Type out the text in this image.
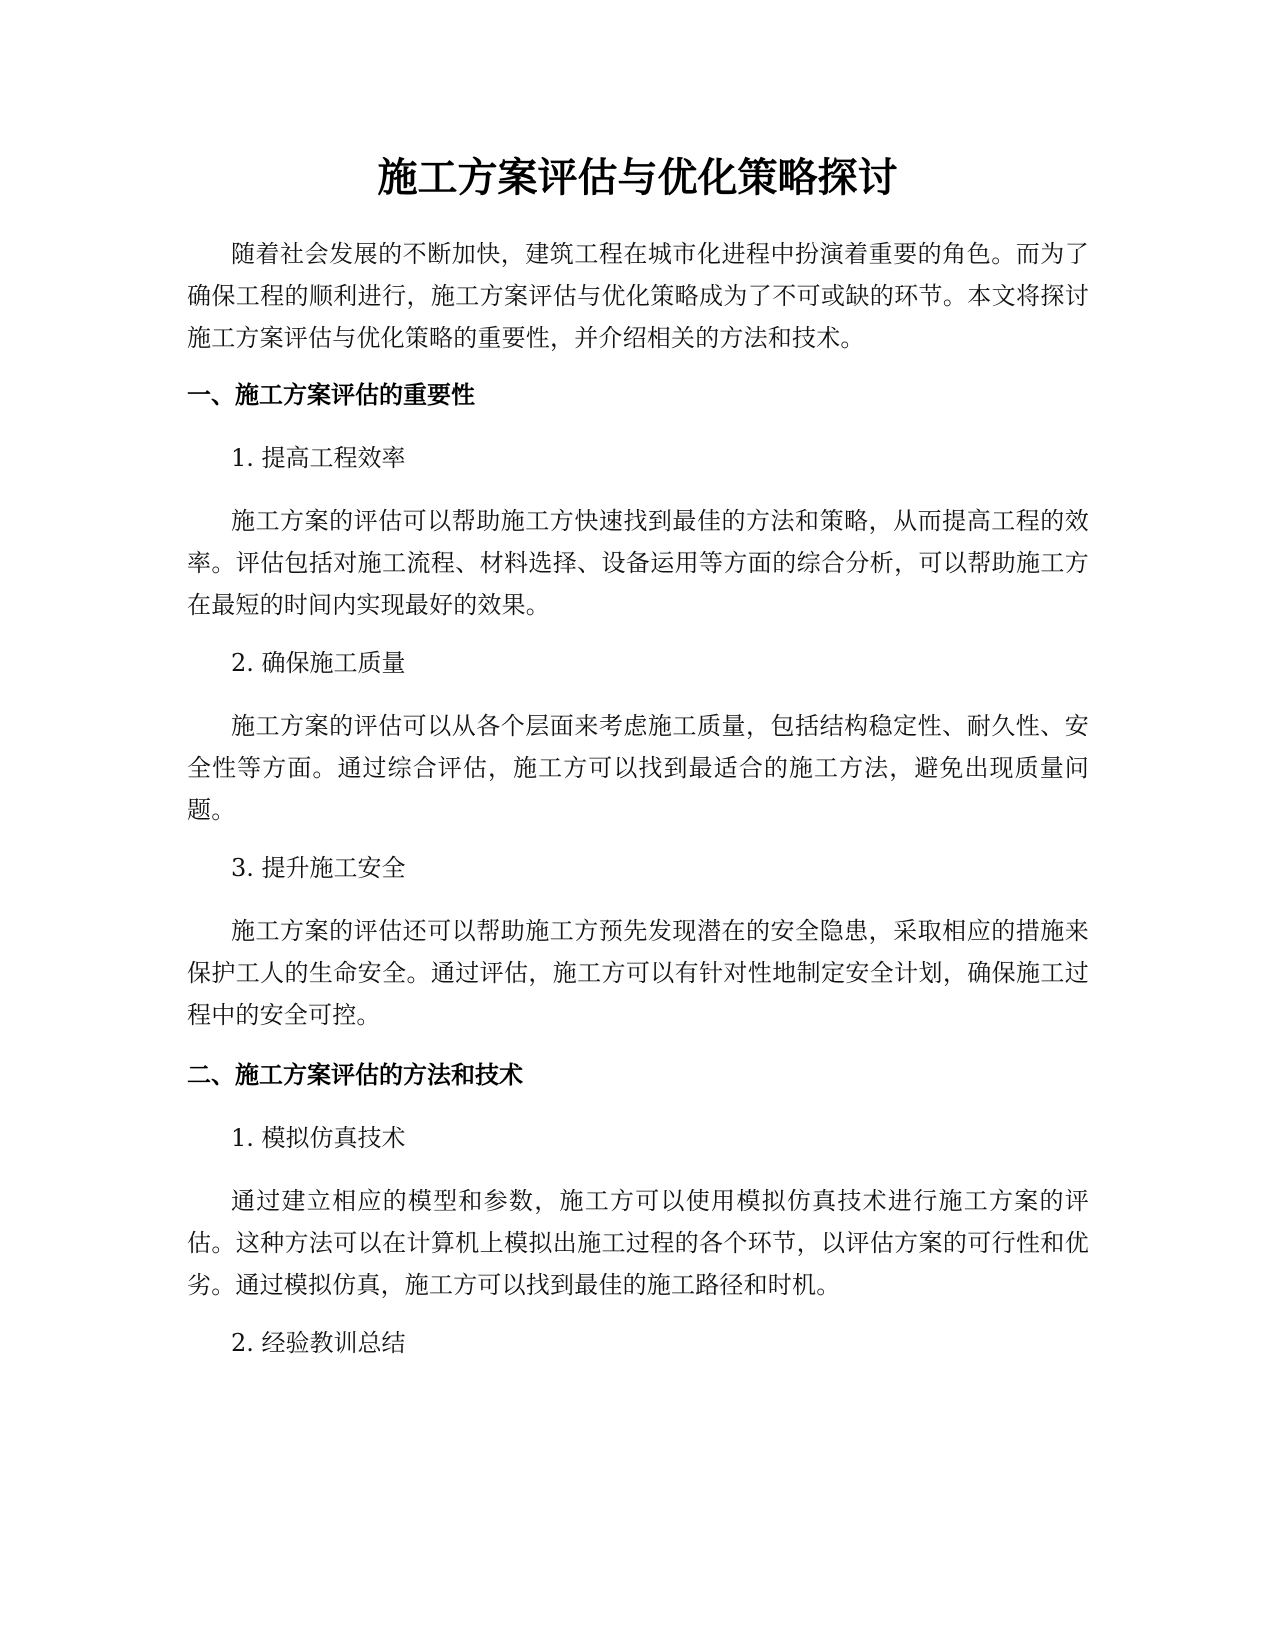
施工方案评估与优化策略探讨

随着社会发展的不断加快，建筑工程在城市化进程中扮演着重要的角色。而为了确保工程的顺利进行，施工方案评估与优化策略成为了不可或缺的环节。本文将探讨施工方案评估与优化策略的重要性，并介绍相关的方法和技术。

一、施工方案评估的重要性

1. 提高工程效率

施工方案的评估可以帮助施工方快速找到最佳的方法和策略，从而提高工程的效率。评估包括对施工流程、材料选择、设备运用等方面的综合分析，可以帮助施工方在最短的时间内实现最好的效果。

2. 确保施工质量

施工方案的评估可以从各个层面来考虑施工质量，包括结构稳定性、耐久性、安全性等方面。通过综合评估，施工方可以找到最适合的施工方法，避免出现质量问题。

3. 提升施工安全

施工方案的评估还可以帮助施工方预先发现潜在的安全隐患，采取相应的措施来保护工人的生命安全。通过评估，施工方可以有针对性地制定安全计划，确保施工过程中的安全可控。

二、施工方案评估的方法和技术

1. 模拟仿真技术

通过建立相应的模型和参数，施工方可以使用模拟仿真技术进行施工方案的评估。这种方法可以在计算机上模拟出施工过程的各个环节，以评估方案的可行性和优劣。通过模拟仿真，施工方可以找到最佳的施工路径和时机。

2. 经验教训总结
